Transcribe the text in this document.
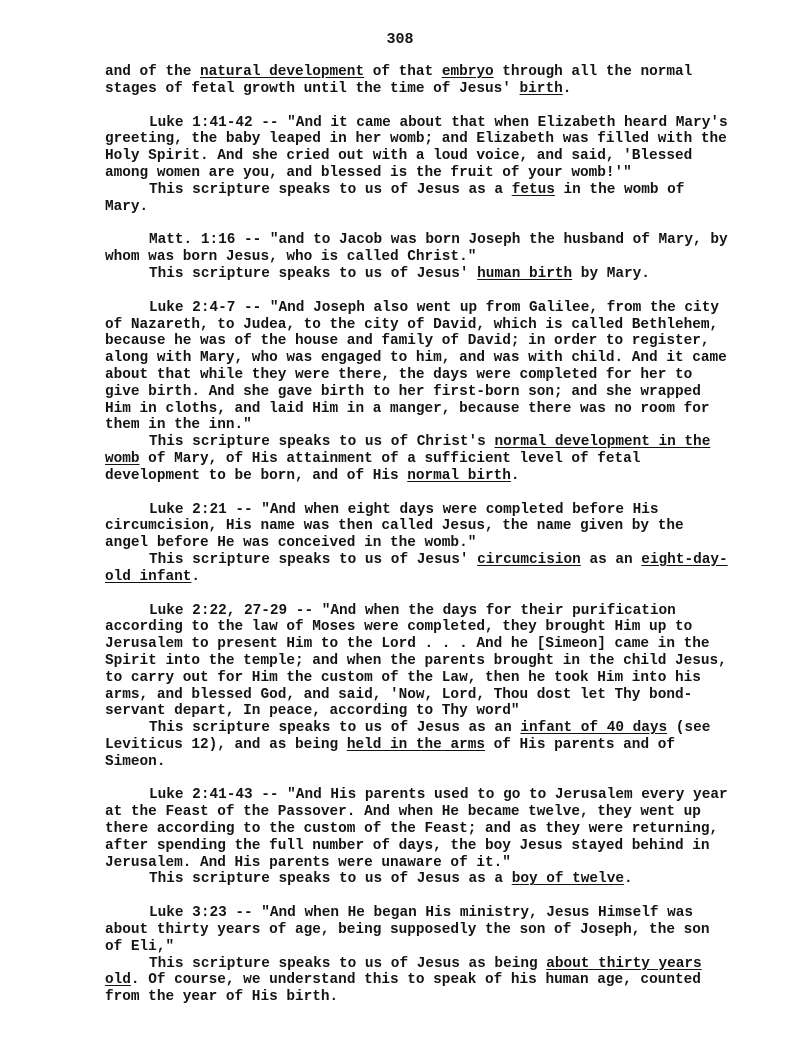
308

and of the natural development of that embryo through all the normal stages of fetal growth until the time of Jesus' birth.

Luke 1:41-42 -- "And it came about that when Elizabeth heard Mary's greeting, the baby leaped in her womb; and Elizabeth was filled with the Holy Spirit. And she cried out with a loud voice, and said, 'Blessed among women are you, and blessed is the fruit of your womb!'"

This scripture speaks to us of Jesus as a fetus in the womb of Mary.

Matt. 1:16 -- "and to Jacob was born Joseph the husband of Mary, by whom was born Jesus, who is called Christ."

This scripture speaks to us of Jesus' human birth by Mary.

Luke 2:4-7 -- "And Joseph also went up from Galilee, from the city of Nazareth, to Judea, to the city of David, which is called Bethlehem, because he was of the house and family of David; in order to register, along with Mary, who was engaged to him, and was with child. And it came about that while they were there, the days were completed for her to give birth. And she gave birth to her first-born son; and she wrapped Him in cloths, and laid Him in a manger, because there was no room for them in the inn."

This scripture speaks to us of Christ's normal development in the womb of Mary, of His attainment of a sufficient level of fetal development to be born, and of His normal birth.

Luke 2:21 -- "And when eight days were completed before His circumcision, His name was then called Jesus, the name given by the angel before He was conceived in the womb."

This scripture speaks to us of Jesus' circumcision as an eight-day-old infant.

Luke 2:22, 27-29 -- "And when the days for their purification according to the law of Moses were completed, they brought Him up to Jerusalem to present Him to the Lord . . . And he [Simeon] came in the Spirit into the temple; and when the parents brought in the child Jesus, to carry out for Him the custom of the Law, then he took Him into his arms, and blessed God, and said, 'Now, Lord, Thou dost let Thy bond-servant depart, In peace, according to Thy word"

This scripture speaks to us of Jesus as an infant of 40 days (see Leviticus 12), and as being held in the arms of His parents and of Simeon.

Luke 2:41-43 -- "And His parents used to go to Jerusalem every year at the Feast of the Passover. And when He became twelve, they went up there according to the custom of the Feast; and as they were returning, after spending the full number of days, the boy Jesus stayed behind in Jerusalem. And His parents were unaware of it."

This scripture speaks to us of Jesus as a boy of twelve.

Luke 3:23 -- "And when He began His ministry, Jesus Himself was about thirty years of age, being supposedly the son of Joseph, the son of Eli,"

This scripture speaks to us of Jesus as being about thirty years old. Of course, we understand this to speak of his human age, counted from the year of His birth.
